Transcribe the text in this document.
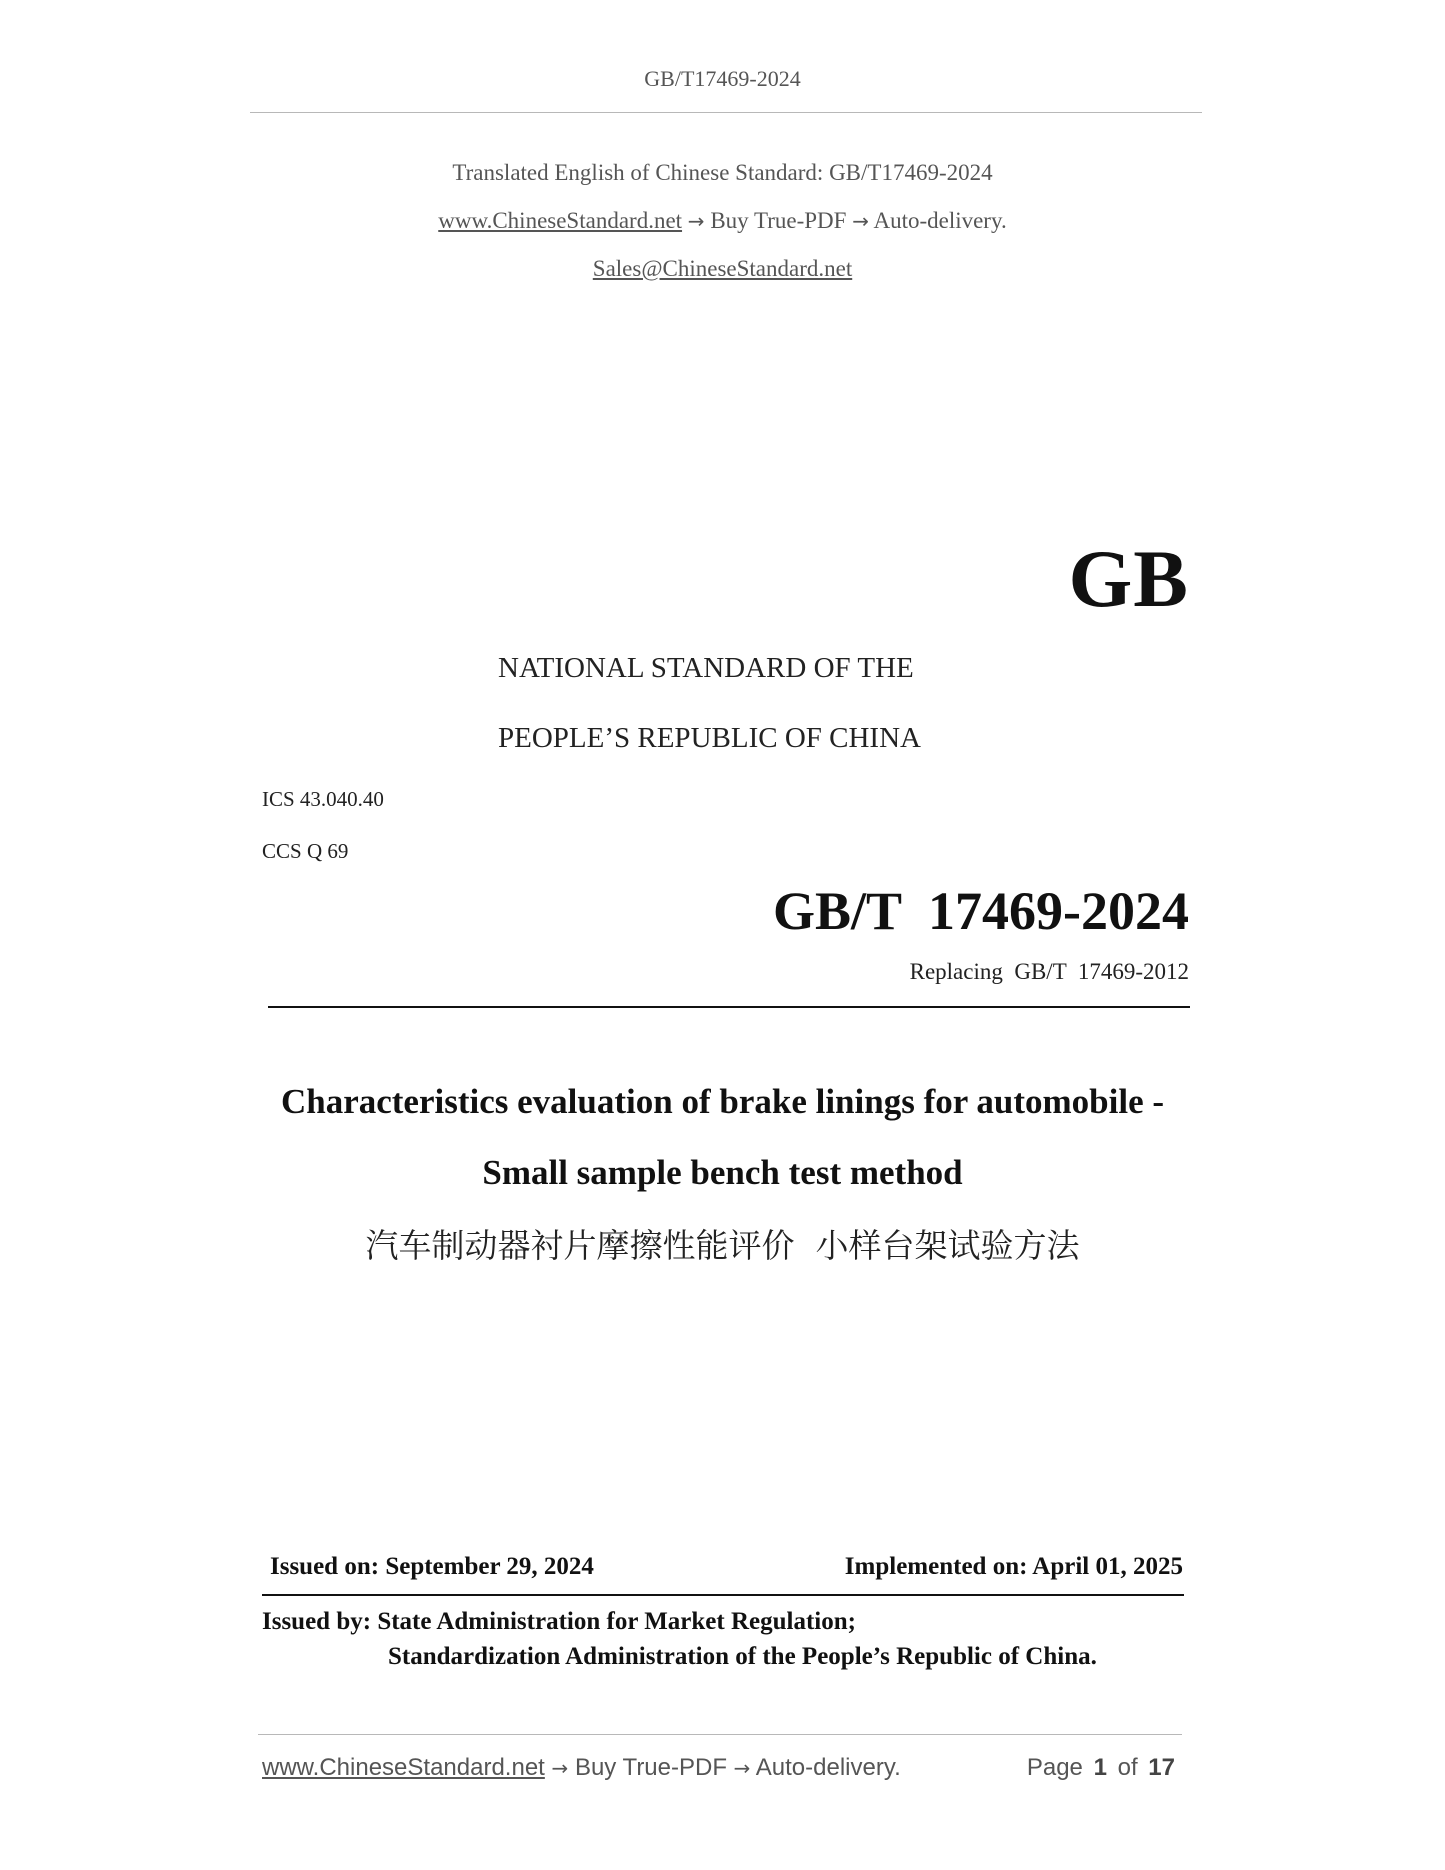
GB/T17469-2024
Translated English of Chinese Standard: GB/T17469-2024
www.ChineseStandard.net → Buy True-PDF → Auto-delivery.
Sales@ChineseStandard.net
GB
NATIONAL STANDARD OF THE
PEOPLE’S REPUBLIC OF CHINA
ICS 43.040.40
CCS Q 69
GB/T  17469-2024
Replacing  GB/T  17469-2012
Characteristics evaluation of brake linings for automobile -
Small sample bench test method
汽车制动器衬片摩擦性能评价  小样台架试验方法
Issued on: September 29, 2024	Implemented on: April 01, 2025
Issued by: State Administration for Market Regulation;
Standardization Administration of the People’s Republic of China.
www.ChineseStandard.net → Buy True-PDF → Auto-delivery.	Page 1 of 17
